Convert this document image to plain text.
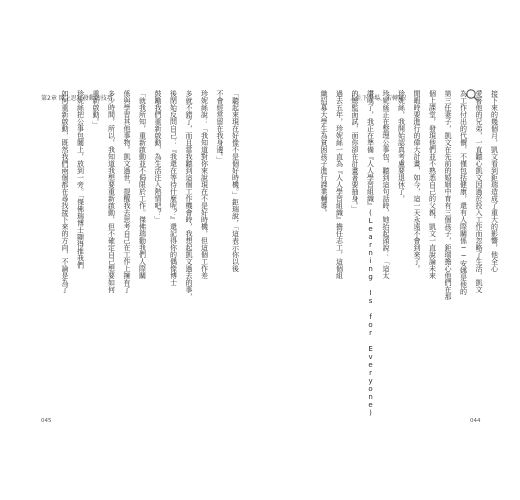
第2章 開上思和發動的技巧	人生下半場，若轉彎！
「聽起來現在好像不是個好時機。」鉅瑞說，「這表示你以後
不會經常留在我身邊。」
珍妮絲說：「我知道對你來說現在不是好時機，但這個工作差
多就不錯了，而且當我聽到這個工作機會時，我想起凱文過去的事，
後閉始反問自己：『我還在等待什麼呢？』還記得你的偶像博士
鼓勵我們重新啟動，為生活注入熱情吧？」
「就我所知，重新啟動並不侷限於工作。傑佛瑞勸我們人際關
係與學習其他事物。凱文過世，提醒我去思考自己在工作上擁有了
多少時間，所以，我知道我想要重新啟動，但不確定自己想要如何
重新啟動。」
珍妮絲把公事包闔上，放到一旁。「傑佛瑞博士顯得推我們
如何重新啟動，既然我們兩個都在尋找接下來的方向，不論是為了	接下來的幾個月，凱文看到鉅瑞造成了重大的影響，他全心
愛著他的兄弟，一直聽心凱文因過於投入工作而忽略了生活，凱文
為工作付出的代價，不僅包括健康，還有人際關係──安娜是他的
第三任妻子，凱文在先前的婚姻中育有三個孩子，鉅瑞擔心他們在那
個上課堂，發現他們並不熟悉自己的父親，凱文一直說論未來
閒暇時要進行的偉大計畫，如今，這一天永遠不會到來了。
珍妮絲，我開始認真考慮要退休了，
珍妮絲正在整理公事包，聽到這句話時，她抬起頭說：「這太
讚嘆了，我正在準備『人人學習組織』(Learning Is for Everyone)
的總監面試，面你卻在計畫著要抽身。」
過去五年，珍妮絲一直為『人人學習組織』擔任志工，這個組
織招募大學生為貧困孩子進行課業輔導。
045	044
